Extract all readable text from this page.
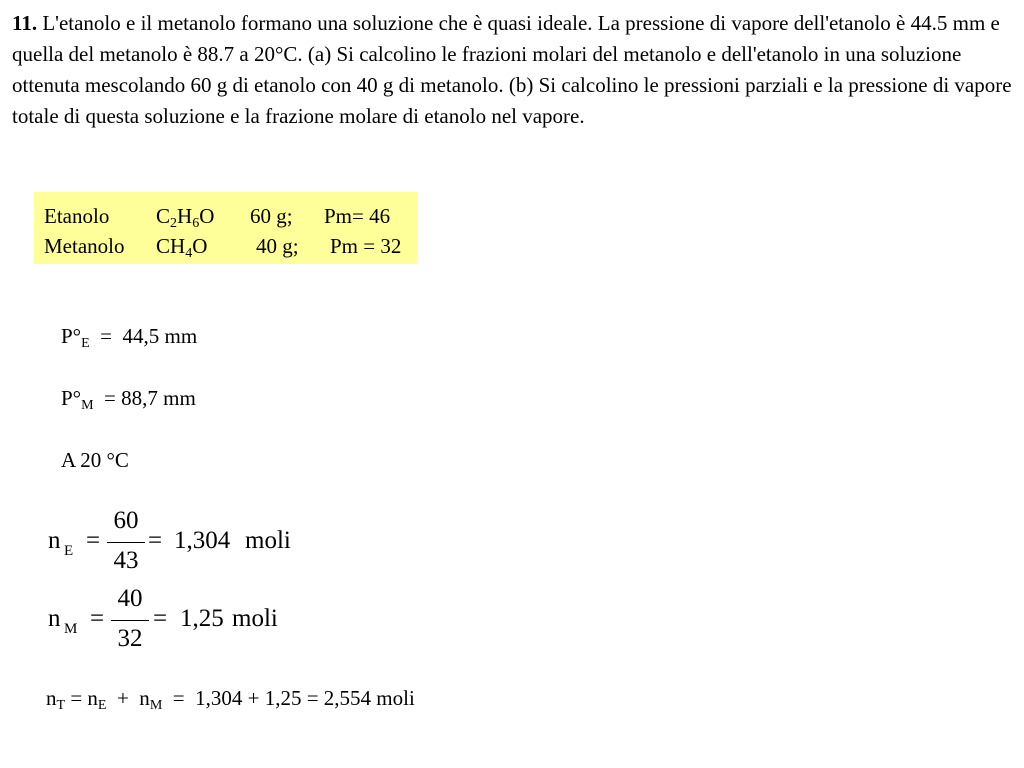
11. L'etanolo e il metanolo formano una soluzione che è quasi ideale. La pressione di vapore dell'etanolo è 44.5 mm e quella del metanolo è 88.7 a 20°C. (a) Si calcolino le frazioni molari del metanolo e dell'etanolo in una soluzione ottenuta mescolando 60 g di etanolo con 40 g di metanolo. (b) Si calcolino le pressioni parziali e la pressione di vapore totale di questa soluzione e la frazione molare di etanolo nel vapore.
Etanolo $C_2H_6O$ 60 g; Pm= 46
Metanolo $CH_4O$ 40 g; Pm = 32
$P^\circ_E = 44,5$ mm
$P^\circ_M = 88,7$ mm
A 20 °C
n E =
60
43
= 1,304 moli
n M =
40
32
= 1,25 moli
$n_T = n_E + n_M = 1,304 + 1,25 = 2,554$ moli
